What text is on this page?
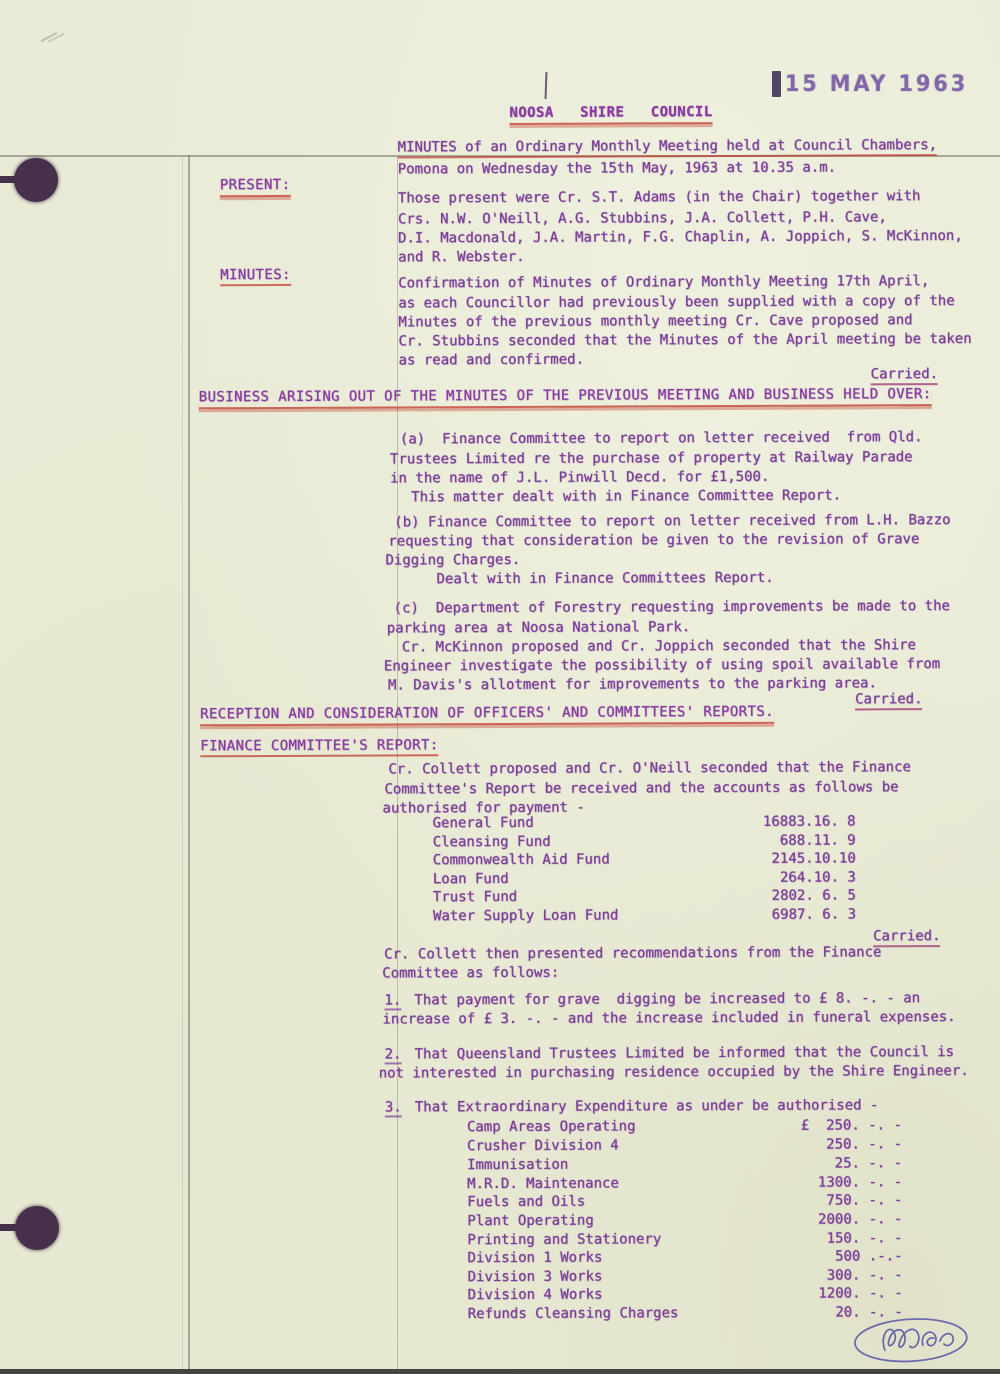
15 MAY 1963
NOOSA   SHIRE   COUNCIL
MINUTES of an Ordinary Monthly Meeting held at Council Chambers,
Pomona on Wednesday the 15th May, 1963 at 10.35 a.m.
PRESENT:
Those present were Cr. S.T. Adams (in the Chair) together with
Crs. N.W. O'Neill, A.G. Stubbins, J.A. Collett, P.H. Cave,
D.I. Macdonald, J.A. Martin, F.G. Chaplin, A. Joppich, S. McKinnon,
and R. Webster.
MINUTES:	Confirmation of Minutes of Ordinary Monthly Meeting 17th April,
as each Councillor had previously been supplied with a copy of the
Minutes of the previous monthly meeting Cr. Cave proposed and
Cr. Stubbins seconded that the Minutes of the April meeting be taken
as read and confirmed.
Carried.
BUSINESS ARISING OUT OF THE MINUTES OF THE PREVIOUS MEETING AND BUSINESS HELD OVER:
(a)  Finance Committee to report on letter received  from Qld.
Trustees Limited re the purchase of property at Railway Parade
in the name of J.L. Pinwill Decd. for £1,500.
This matter dealt with in Finance Committee Report.
(b) Finance Committee to report on letter received from L.H. Bazzo
requesting that consideration be given to the revision of Grave
Digging Charges.
Dealt with in Finance Committees Report.
(c)  Department of Forestry requesting improvements be made to the
parking area at Noosa National Park.
Cr. McKinnon proposed and Cr. Joppich seconded that the Shire
Engineer investigate the possibility of using spoil available from
M. Davis's allotment for improvements to the parking area.
Carried.
RECEPTION AND CONSIDERATION OF OFFICERS' AND COMMITTEES' REPORTS.
FINANCE COMMITTEE'S REPORT:
Cr. Collett proposed and Cr. O'Neill seconded that the Finance
Committee's Report be received and the accounts as follows be
authorised for payment -
General Fund	16883.16. 8
Cleansing Fund	688.11. 9
Commonwealth Aid Fund	2145.10.10
Loan Fund	264.10. 3
Trust Fund	2802. 6. 5
Water Supply Loan Fund	6987. 6. 3
Carried.
Cr. Collett then presented recommendations from the Finance
Committee as follows:
1. That payment for grave  digging be increased to £ 8. -. - an
increase of £ 3. -. - and the increase included in funeral expenses.
2. That Queensland Trustees Limited be informed that the Council is
not interested in purchasing residence occupied by the Shire Engineer.
3. That Extraordinary Expenditure as under be authorised -
Camp Areas Operating	£  250. -. -
Crusher Division 4	250. -. -
Immunisation	25. -. -
M.R.D. Maintenance	1300. -. -
Fuels and Oils	750. -. -
Plant Operating	2000. -. -
Printing and Stationery	150. -. -
Division 1 Works	500 .-.-
Division 3 Works	300. -. -
Division 4 Works	1200. -. -
Refunds Cleansing Charges	20. -. -
